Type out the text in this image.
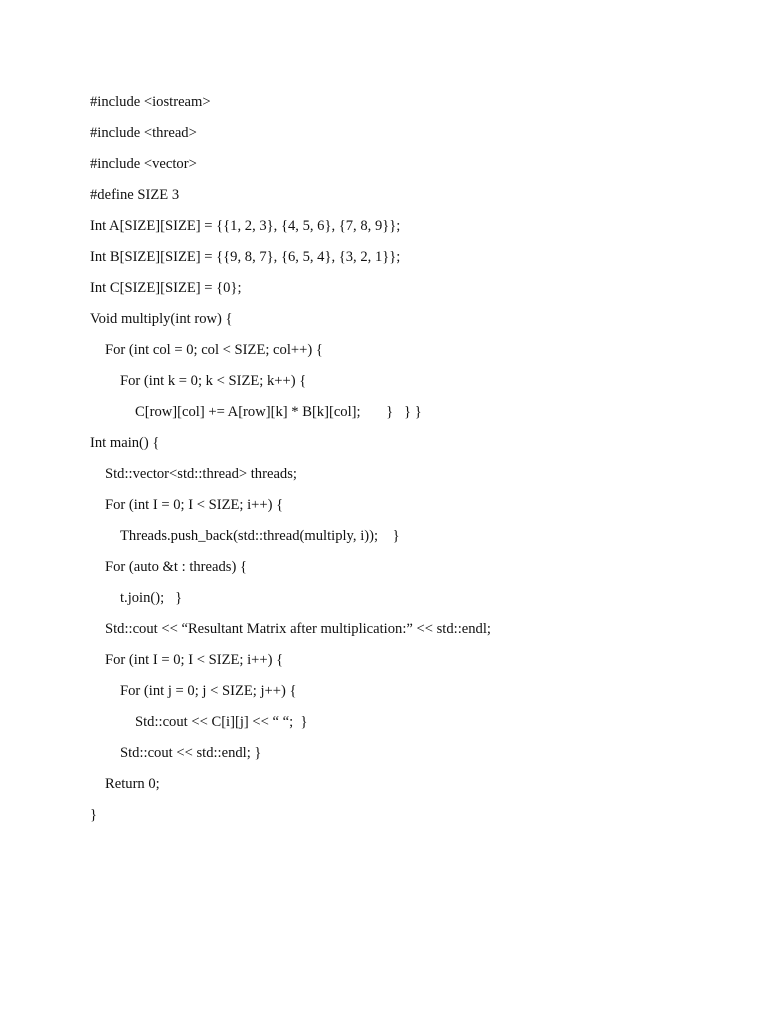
#include <iostream>
#include <thread>
#include <vector>
#define SIZE 3
Int A[SIZE][SIZE] = {{1, 2, 3}, {4, 5, 6}, {7, 8, 9}};
Int B[SIZE][SIZE] = {{9, 8, 7}, {6, 5, 4}, {3, 2, 1}};
Int C[SIZE][SIZE] = {0};
Void multiply(int row) {
For (int col = 0; col < SIZE; col++) {
For (int k = 0; k < SIZE; k++) {
C[row][col] += A[row][k] * B[k][col];       }   } }
Int main() {
Std::vector<std::thread> threads;
For (int I = 0; I < SIZE; i++) {
Threads.push_back(std::thread(multiply, i));    }
For (auto &t : threads) {
t.join();   }
Std::cout << “Resultant Matrix after multiplication:” << std::endl;
For (int I = 0; I < SIZE; i++) {
For (int j = 0; j < SIZE; j++) {
Std::cout << C[i][j] << “ “;  }
Std::cout << std::endl; }
Return 0;
}
